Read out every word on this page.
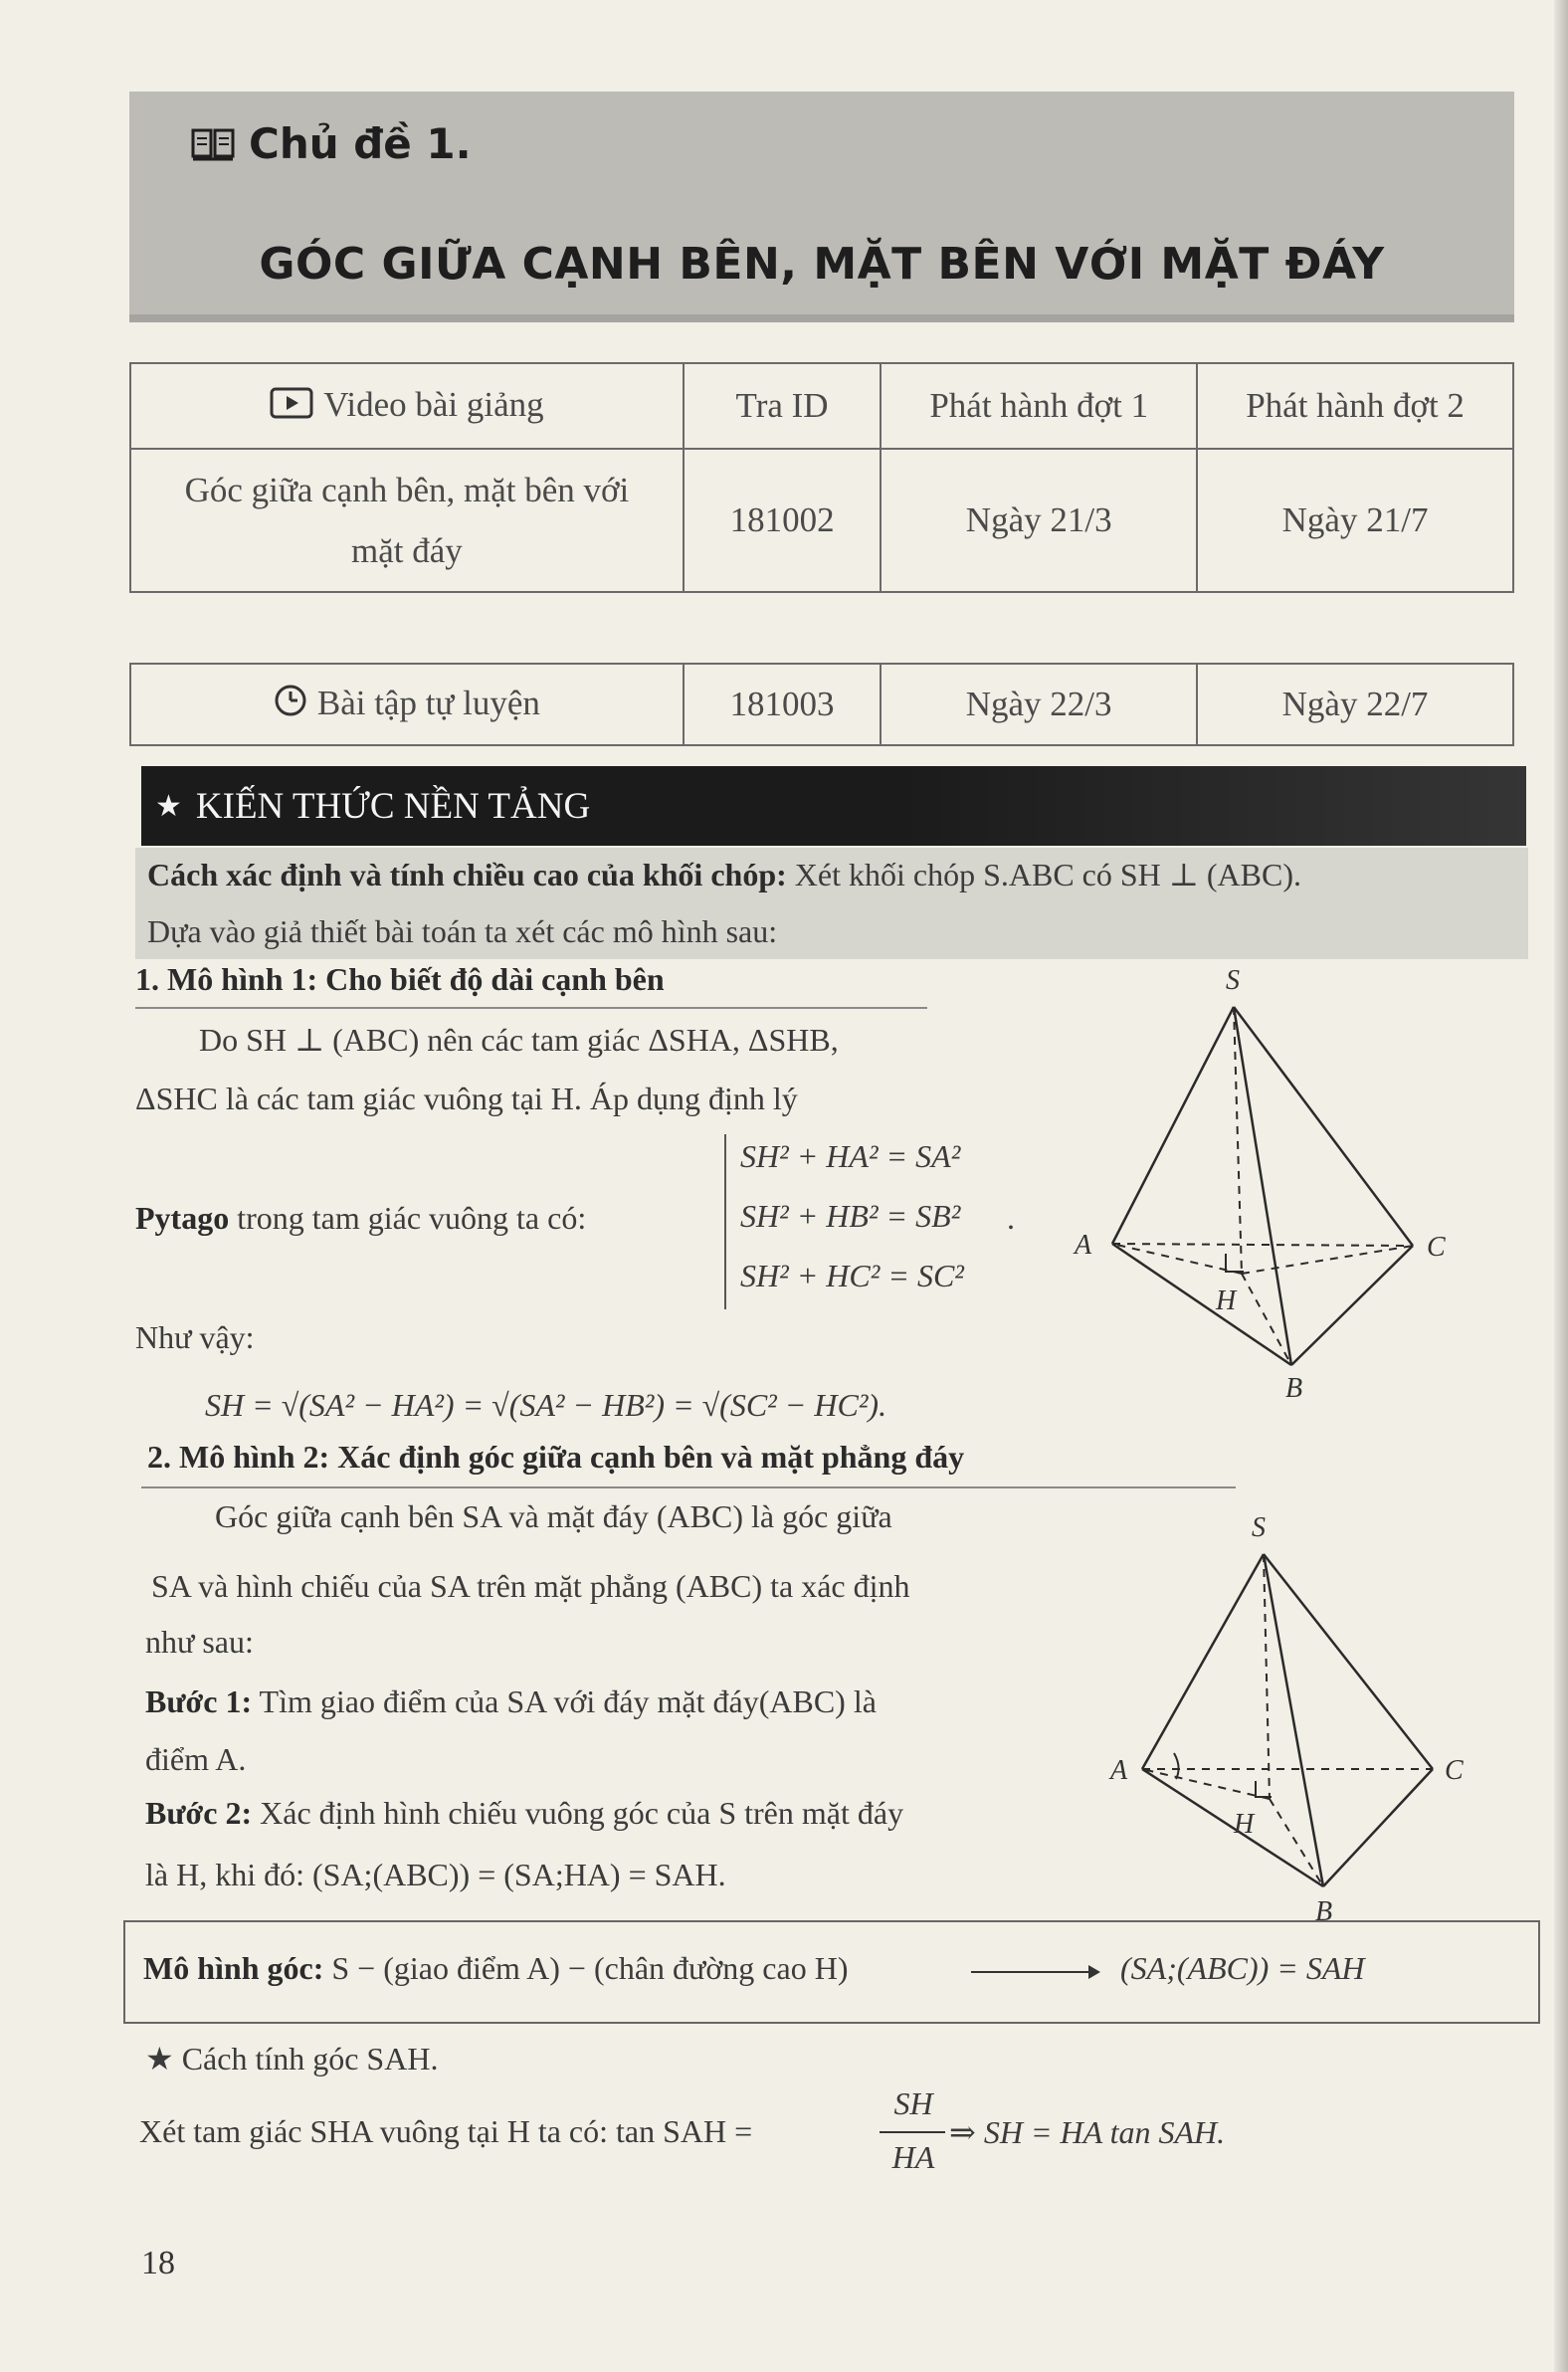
Chủ đề 1.
GÓC GIỮA CẠNH BÊN, MẶT BÊN VỚI MẶT ĐÁY
Video bài giảng	Tra ID	Phát hành đợt 1	Phát hành đợt 2

Góc giữa cạnh bên, mặt bên với
mặt đáy	181002	Ngày 21/3	Ngày 21/7
Bài tập tự luyện	181003	Ngày 22/3	Ngày 22/7
★ KIẾN THỨC NỀN TẢNG
Cách xác định và tính chiều cao của khối chóp: Xét khối chóp S.ABC có SH ⊥ (ABC).
Dựa vào giả thiết bài toán ta xét các mô hình sau:
1. Mô hình 1: Cho biết độ dài cạnh bên
Do SH ⊥ (ABC) nên các tam giác ΔSHA, ΔSHB,
ΔSHC là các tam giác vuông tại H. Áp dụng định lý
Pytago trong tam giác vuông ta có:
SH² + HA² = SA²
SH² + HB² = SB²
SH² + HC² = SC²
.
Như vậy:
SH = √(SA² − HA²) = √(SA² − HB²) = √(SC² − HC²).
2. Mô hình 2: Xác định góc giữa cạnh bên và mặt phẳng đáy
Góc giữa cạnh bên SA và mặt đáy (ABC) là góc giữa
SA và hình chiếu của SA trên mặt phẳng (ABC) ta xác định
như sau:
Bước 1: Tìm giao điểm của SA với đáy mặt đáy(ABC) là
điểm A.
Bước 2: Xác định hình chiếu vuông góc của S trên mặt đáy
là H, khi đó: (SA;(ABC)) = (SA;HA) = SAH.
Mô hình góc: S − (giao điểm A) − (chân đường cao H)	(SA;(ABC)) = SAH
★ Cách tính góc SAH.
Xét tam giác SHA vuông tại H ta có: tan SAH =
SH
HA
⇒ SH = HA tan SAH.
S
A	C
B
H
S
A	C
B
H
18
